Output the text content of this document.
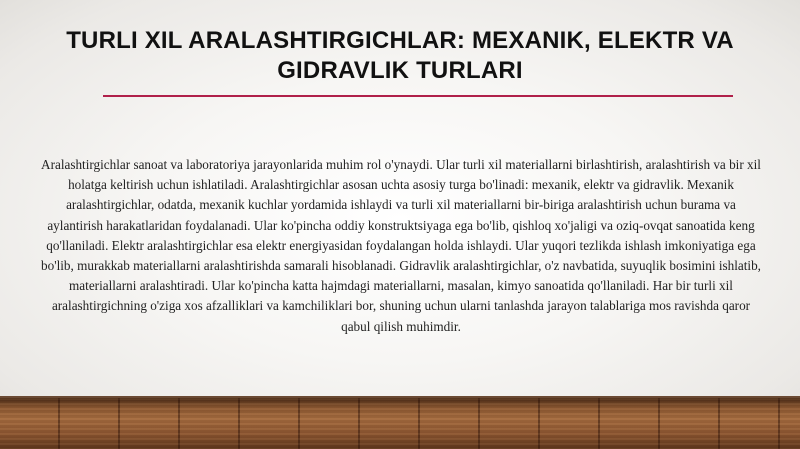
TURLI XIL ARALASHTIRGICHLAR: MEXANIK, ELEKTR VA GIDRAVLIK TURLARI
Aralashtirgichlar sanoat va laboratoriya jarayonlarida muhim rol o'ynaydi. Ular turli xil materiallarni birlashtirish, aralashtirish va bir xil holatga keltirish uchun ishlatiladi. Aralashtirgichlar asosan uchta asosiy turga bo'linadi: mexanik, elektr va gidravlik. Mexanik aralashtirgichlar, odatda, mexanik kuchlar yordamida ishlaydi va turli xil materiallarni bir-biriga aralashtirish uchun burama va aylantirish harakatlaridan foydalanadi. Ular ko'pincha oddiy konstruktsiyaga ega bo'lib, qishloq xo'jaligi va oziq-ovqat sanoatida keng qo'llaniladi. Elektr aralashtirgichlar esa elektr energiyasidan foydalangan holda ishlaydi. Ular yuqori tezlikda ishlash imkoniyatiga ega bo'lib, murakkab materiallarni aralashtirishda samarali hisoblanadi. Gidravlik aralashtirgichlar, o'z navbatida, suyuqlik bosimini ishlatib, materiallarni aralashtiradi. Ular ko'pincha katta hajmdagi materiallarni, masalan, kimyo sanoatida qo'llaniladi. Har bir turli xil aralashtirgichning o'ziga xos afzalliklari va kamchiliklari bor, shuning uchun ularni tanlashda jarayon talablariga mos ravishda qaror qabul qilish muhimdir.
